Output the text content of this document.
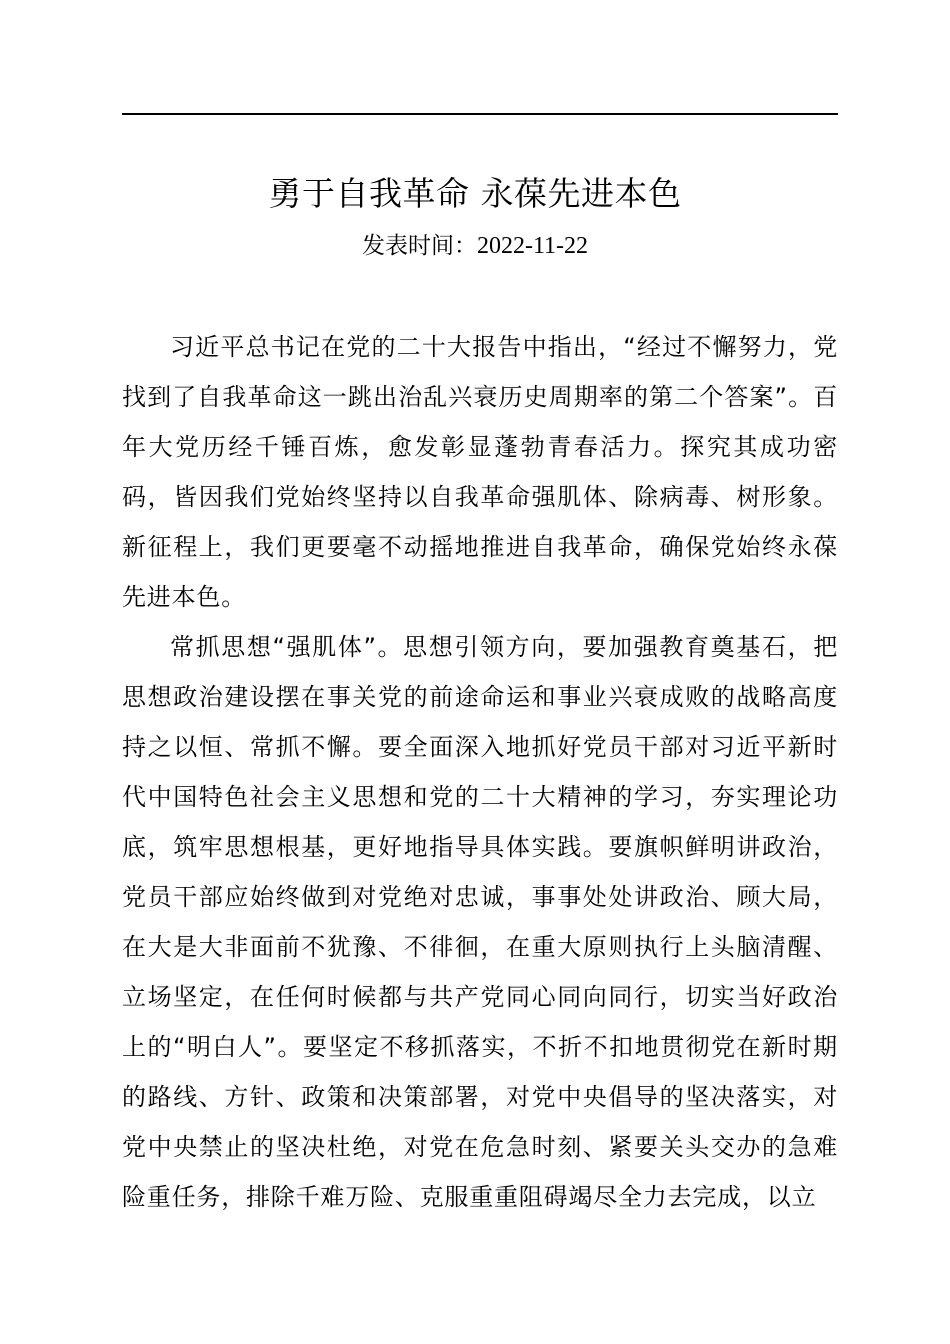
勇于自我革命 永葆先进本色
发表时间：2022-11-22

习近平总书记在党的二十大报告中指出，“经过不懈努力，党找到了自我革命这一跳出治乱兴衰历史周期率的第二个答案”。百年大党历经千锤百炼，愈发彰显蓬勃青春活力。探究其成功密码，皆因我们党始终坚持以自我革命强肌体、除病毒、树形象。新征程上，我们更要毫不动摇地推进自我革命，确保党始终永葆先进本色。

常抓思想“强肌体”。思想引领方向，要加强教育奠基石，把思想政治建设摆在事关党的前途命运和事业兴衰成败的战略高度持之以恒、常抓不懈。要全面深入地抓好党员干部对习近平新时代中国特色社会主义思想和党的二十大精神的学习，夯实理论功底，筑牢思想根基，更好地指导具体实践。要旗帜鲜明讲政治，党员干部应始终做到对党绝对忠诚，事事处处讲政治、顾大局，在大是大非面前不犹豫、不徘徊，在重大原则执行上头脑清醒、立场坚定，在任何时候都与共产党同心同向同行，切实当好政治上的“明白人”。要坚定不移抓落实，不折不扣地贯彻党在新时期的路线、方针、政策和决策部署，对党中央倡导的坚决落实，对党中央禁止的坚决杜绝，对党在危急时刻、紧要关头交办的急难险重任务，排除千难万险、克服重重阻碍竭尽全力去完成，以立
